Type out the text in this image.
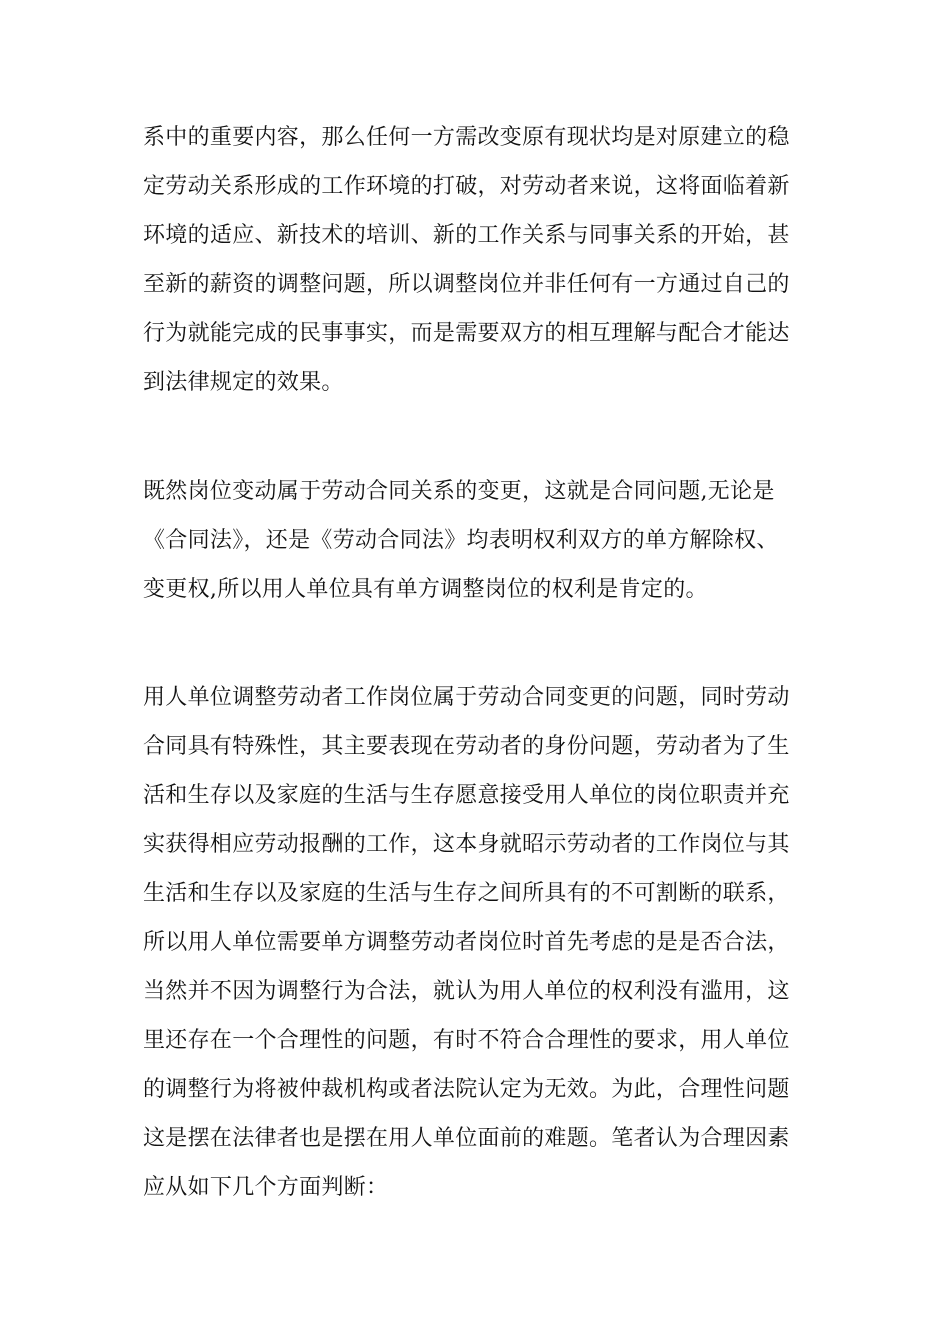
系中的重要内容，那么任何一方需改变原有现状均是对原建立的稳
定劳动关系形成的工作环境的打破，对劳动者来说，这将面临着新
环境的适应、新技术的培训、新的工作关系与同事关系的开始，甚
至新的薪资的调整问题，所以调整岗位并非任何有一方通过自己的
行为就能完成的民事事实，而是需要双方的相互理解与配合才能达
到法律规定的效果。

既然岗位变动属于劳动合同关系的变更，这就是合同问题,无论是
《合同法》，还是《劳动合同法》均表明权利双方的单方解除权、
变更权,所以用人单位具有单方调整岗位的权利是肯定的。

用人单位调整劳动者工作岗位属于劳动合同变更的问题，同时劳动
合同具有特殊性，其主要表现在劳动者的身份问题，劳动者为了生
活和生存以及家庭的生活与生存愿意接受用人单位的岗位职责并充
实获得相应劳动报酬的工作，这本身就昭示劳动者的工作岗位与其
生活和生存以及家庭的生活与生存之间所具有的不可割断的联系，
所以用人单位需要单方调整劳动者岗位时首先考虑的是是否合法，
当然并不因为调整行为合法，就认为用人单位的权利没有滥用，这
里还存在一个合理性的问题，有时不符合合理性的要求，用人单位
的调整行为将被仲裁机构或者法院认定为无效。为此，合理性问题
这是摆在法律者也是摆在用人单位面前的难题。笔者认为合理因素
应从如下几个方面判断：
